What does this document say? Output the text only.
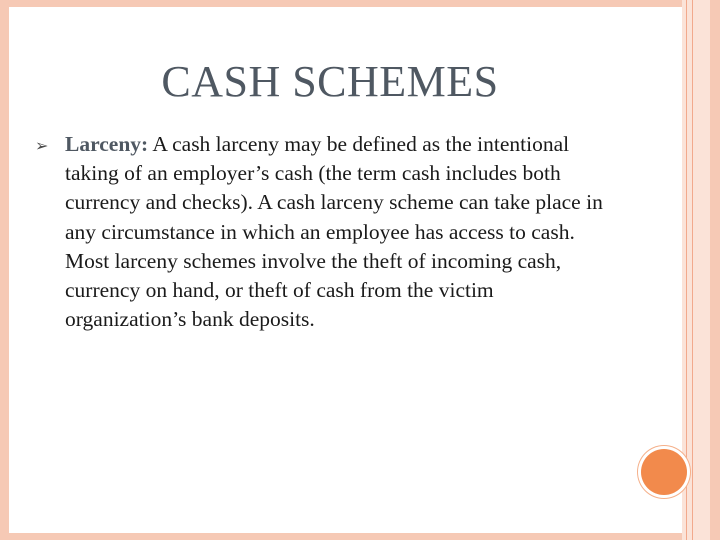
CASH SCHEMES
➢ Larceny: A cash larceny may be defined as the intentional taking of an employer’s cash (the term cash includes both currency and checks). A cash larceny scheme can take place in any circumstance in which an employee has access to cash. Most larceny schemes involve the theft of incoming cash, currency on hand, or theft of cash from the victim organization’s bank deposits.
